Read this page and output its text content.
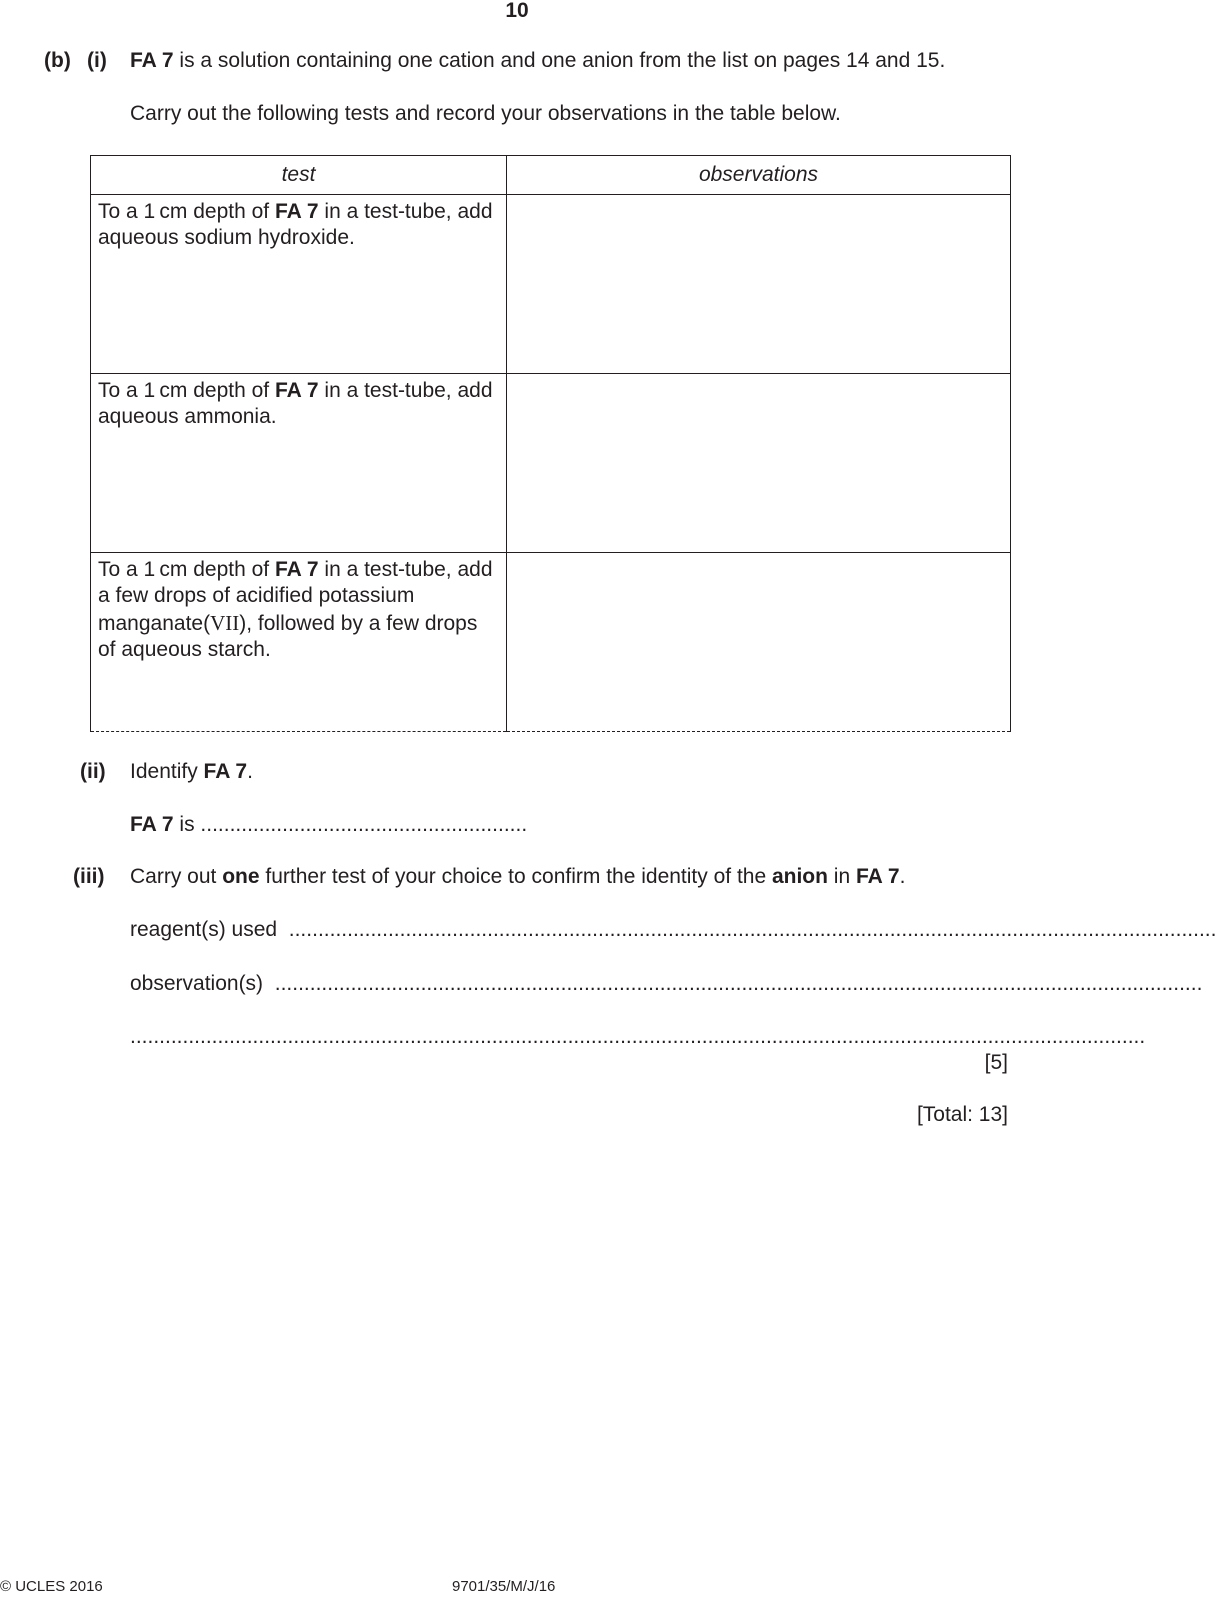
10
(b) (i) FA 7 is a solution containing one cation and one anion from the list on pages 14 and 15.
Carry out the following tests and record your observations in the table below.
test	observations
To a 1 cm depth of FA 7 in a test-tube, add aqueous sodium hydroxide.	
To a 1 cm depth of FA 7 in a test-tube, add aqueous ammonia.	
To a 1 cm depth of FA 7 in a test-tube, add a few drops of acidified potassium manganate(VII), followed by a few drops of aqueous starch.	
(ii) Identify FA 7.
FA 7 is ........................................................
(iii) Carry out one further test of your choice to confirm the identity of the anion in FA 7.
reagent(s) used ...............................................................................................................................................................
observation(s) ...............................................................................................................................................................
..............................................................................................................................................................................
[5]
[Total: 13]
© UCLES 2016	9701/35/M/J/16
